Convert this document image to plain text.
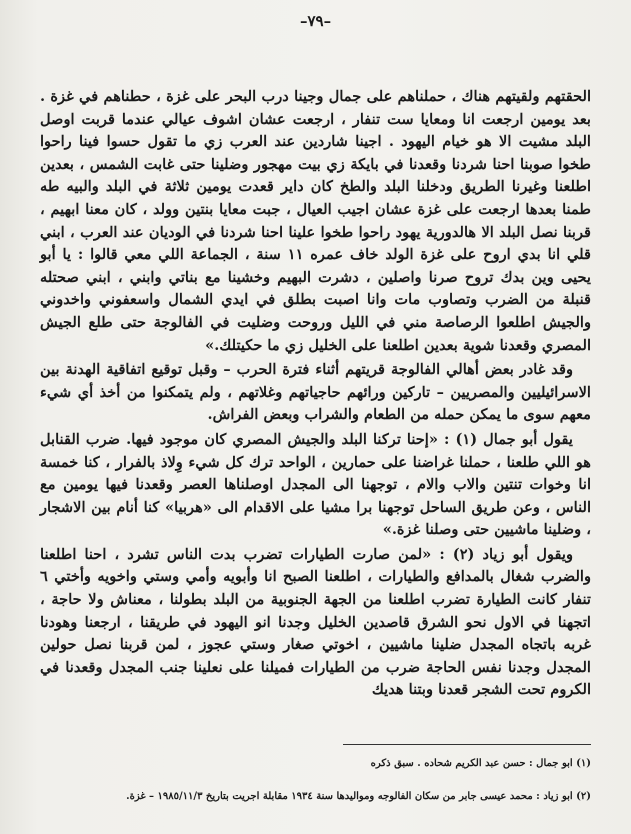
–٧٩–

الحقتهم ولقيتهم هناك ، حملناهم على جمال وجينا درب البحر على غزة ، حطناهم في غزة . بعد يومين ارجعت انا ومعايا ست تنفار ، ارجعت عشان اشوف عيالي عندما قربت اوصل البلد مشيت الا هو خيام اليهود . اجينا شاردين عند العرب زي ما تقول حسوا فينا راحوا طخوا صوبنا احنا شردنا وقعدنا في بايكة زي بيت مهجور وضلينا حتى غابت الشمس ، بعدين اطلعنا وغيرنا الطريق ودخلنا البلد والطخ كان داير قعدت يومين ثلاثة في البلد والبيه طه طمنا بعدها ارجعت على غزة عشان اجيب العيال ، جبت معايا بنتين وولد ، كان معنا ابهيم ، قربنا نصل البلد الا هالدورية يهود راحوا طخوا علينا احنا شردنا في الوديان عند العرب ، ابني قلي انا بدي اروح على غزة الولد خاف عمره ١١ سنة ، الجماعة اللي معي قالوا : يا أبو يحيى وين بدك تروح صرنا واصلين ، دشرت البهيم وخشينا مع بناتي وابني ، ابني صحتله قنبلة من الضرب وتصاوب مات وانا اصبت بطلق في ايدي الشمال واسعفوني واخدوني والجيش اطلعوا الرصاصة مني في الليل وروحت وضليت في الفالوجة حتى طلع الجيش المصري وقعدنا شوية بعدين اطلعنا على الخليل زي ما حكيتلك.»

وقد غادر بعض أهالي الفالوجة قريتهم أثناء فترة الحرب – وقبل توقيع اتفاقية الهدنة بين الاسرائيليين والمصريين – تاركين ورائهم حاجياتهم وغلاتهم ، ولم يتمكنوا من أخذ أي شيء معهم سوى ما يمكن حمله من الطعام والشراب وبعض الفراش.

يقول أبو جمال (١) : «إحنا تركنا البلد والجيش المصري كان موجود فيها. ضرب القنابل هو اللي طلعنا ، حملنا غراضنا على حمارين ، الواحد ترك كل شيء وِلاذ بالفرار ، كنا خمسة انا وخوات تنتين والاب والام ، توجهنا الى المجدل اوصلناها العصر وقعدنا فيها يومين مع الناس ، وعن طريق الساحل توجهنا برا مشيا على الاقدام الى «هربيا» كنا أنام بين الاشجار ، وضلينا ماشيين حتى وصلنا غزة.»

ويقول أبو زياد (٢) : «لمن صارت الطيارات تضرب بدت الناس تشرد ، احنا اطلعنا والضرب شغال بالمدافع والطيارات ، اطلعنا الصبح انا وأبويه وأمي وستي واخويه وأختي ٦ تنفار كانت الطيارة تضرب اطلعنا من الجهة الجنوبية من البلد بطولنا ، معناش ولا حاجة ، اتجهنا في الاول نحو الشرق قاصدين الخليل وجدنا انو اليهود في طريقنا ، ارجعنا وهودنا غربه باتجاه المجدل ضلينا ماشيين ، اخوتي صغار وستي عجوز ، لمن قربنا نصل حولين المجدل وجدنا نفس الحاجة ضرب من الطيارات فميلنا على نعلينا جنب المجدل وقعدنا في الكروم تحت الشجر قعدنا وبتنا هديك

(١) ابو جمال : حسن عبد الكريم شحاده . سبق ذكره

(٢) ابو زياد : محمد عيسى جابر من سكان الفالوجه ومواليدها سنة ١٩٣٤ مقابلة اجريت بتاريخ ١٩٨٥/١١/٣ – غزة.
